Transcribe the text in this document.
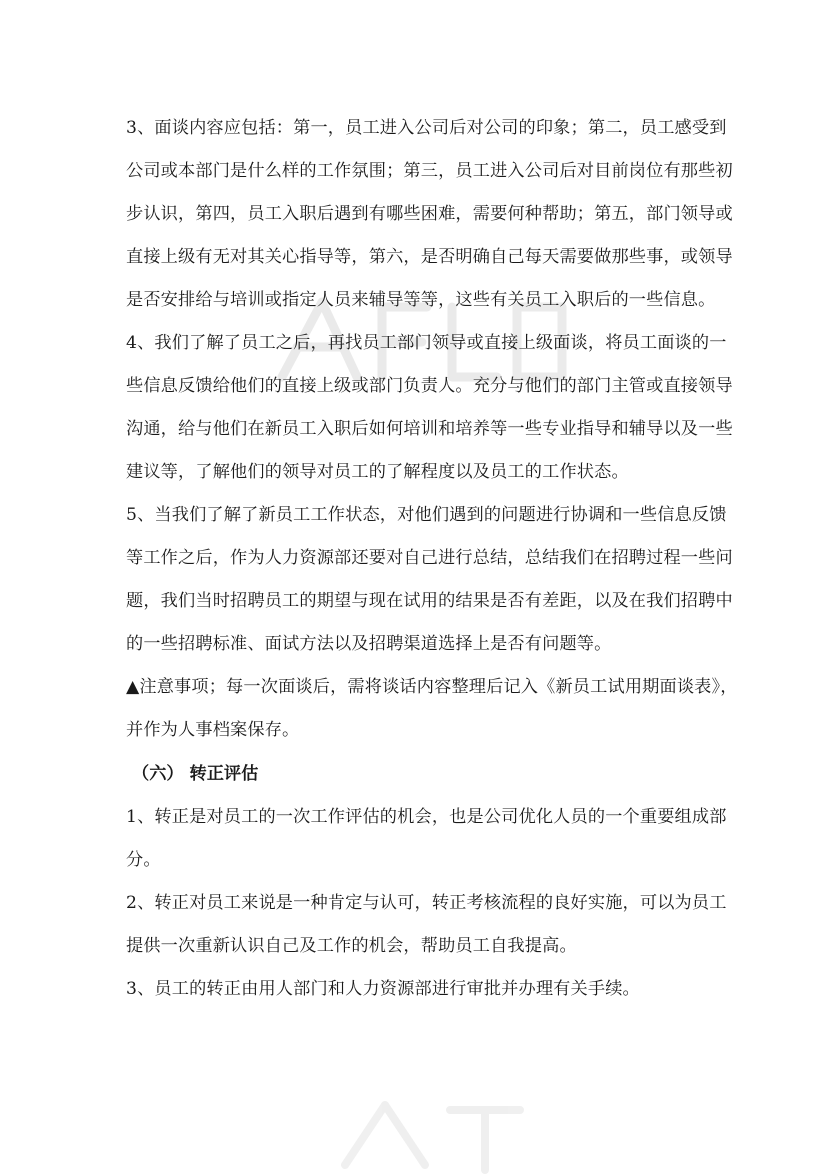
3、面谈内容应包括：第一，员工进入公司后对公司的印象；第二，员工感受到
公司或本部门是什么样的工作氛围；第三，员工进入公司后对目前岗位有那些初
步认识，第四，员工入职后遇到有哪些困难，需要何种帮助；第五，部门领导或
直接上级有无对其关心指导等，第六，是否明确自己每天需要做那些事，或领导
是否安排给与培训或指定人员来辅导等等，这些有关员工入职后的一些信息。
4、我们了解了员工之后，再找员工部门领导或直接上级面谈，将员工面谈的一
些信息反馈给他们的直接上级或部门负责人。充分与他们的部门主管或直接领导
沟通，给与他们在新员工入职后如何培训和培养等一些专业指导和辅导以及一些
建议等，了解他们的领导对员工的了解程度以及员工的工作状态。
5、当我们了解了新员工工作状态，对他们遇到的问题进行协调和一些信息反馈
等工作之后，作为人力资源部还要对自己进行总结，总结我们在招聘过程一些问
题，我们当时招聘员工的期望与现在试用的结果是否有差距，以及在我们招聘中
的一些招聘标准、面试方法以及招聘渠道选择上是否有问题等。
▲注意事项；每一次面谈后，需将谈话内容整理后记入《新员工试用期面谈表》，
并作为人事档案保存。
（六） 转正评估
1、转正是对员工的一次工作评估的机会，也是公司优化人员的一个重要组成部
分。
2、转正对员工来说是一种肯定与认可，转正考核流程的良好实施，可以为员工
提供一次重新认识自己及工作的机会，帮助员工自我提高。
3、员工的转正由用人部门和人力资源部进行审批并办理有关手续。
